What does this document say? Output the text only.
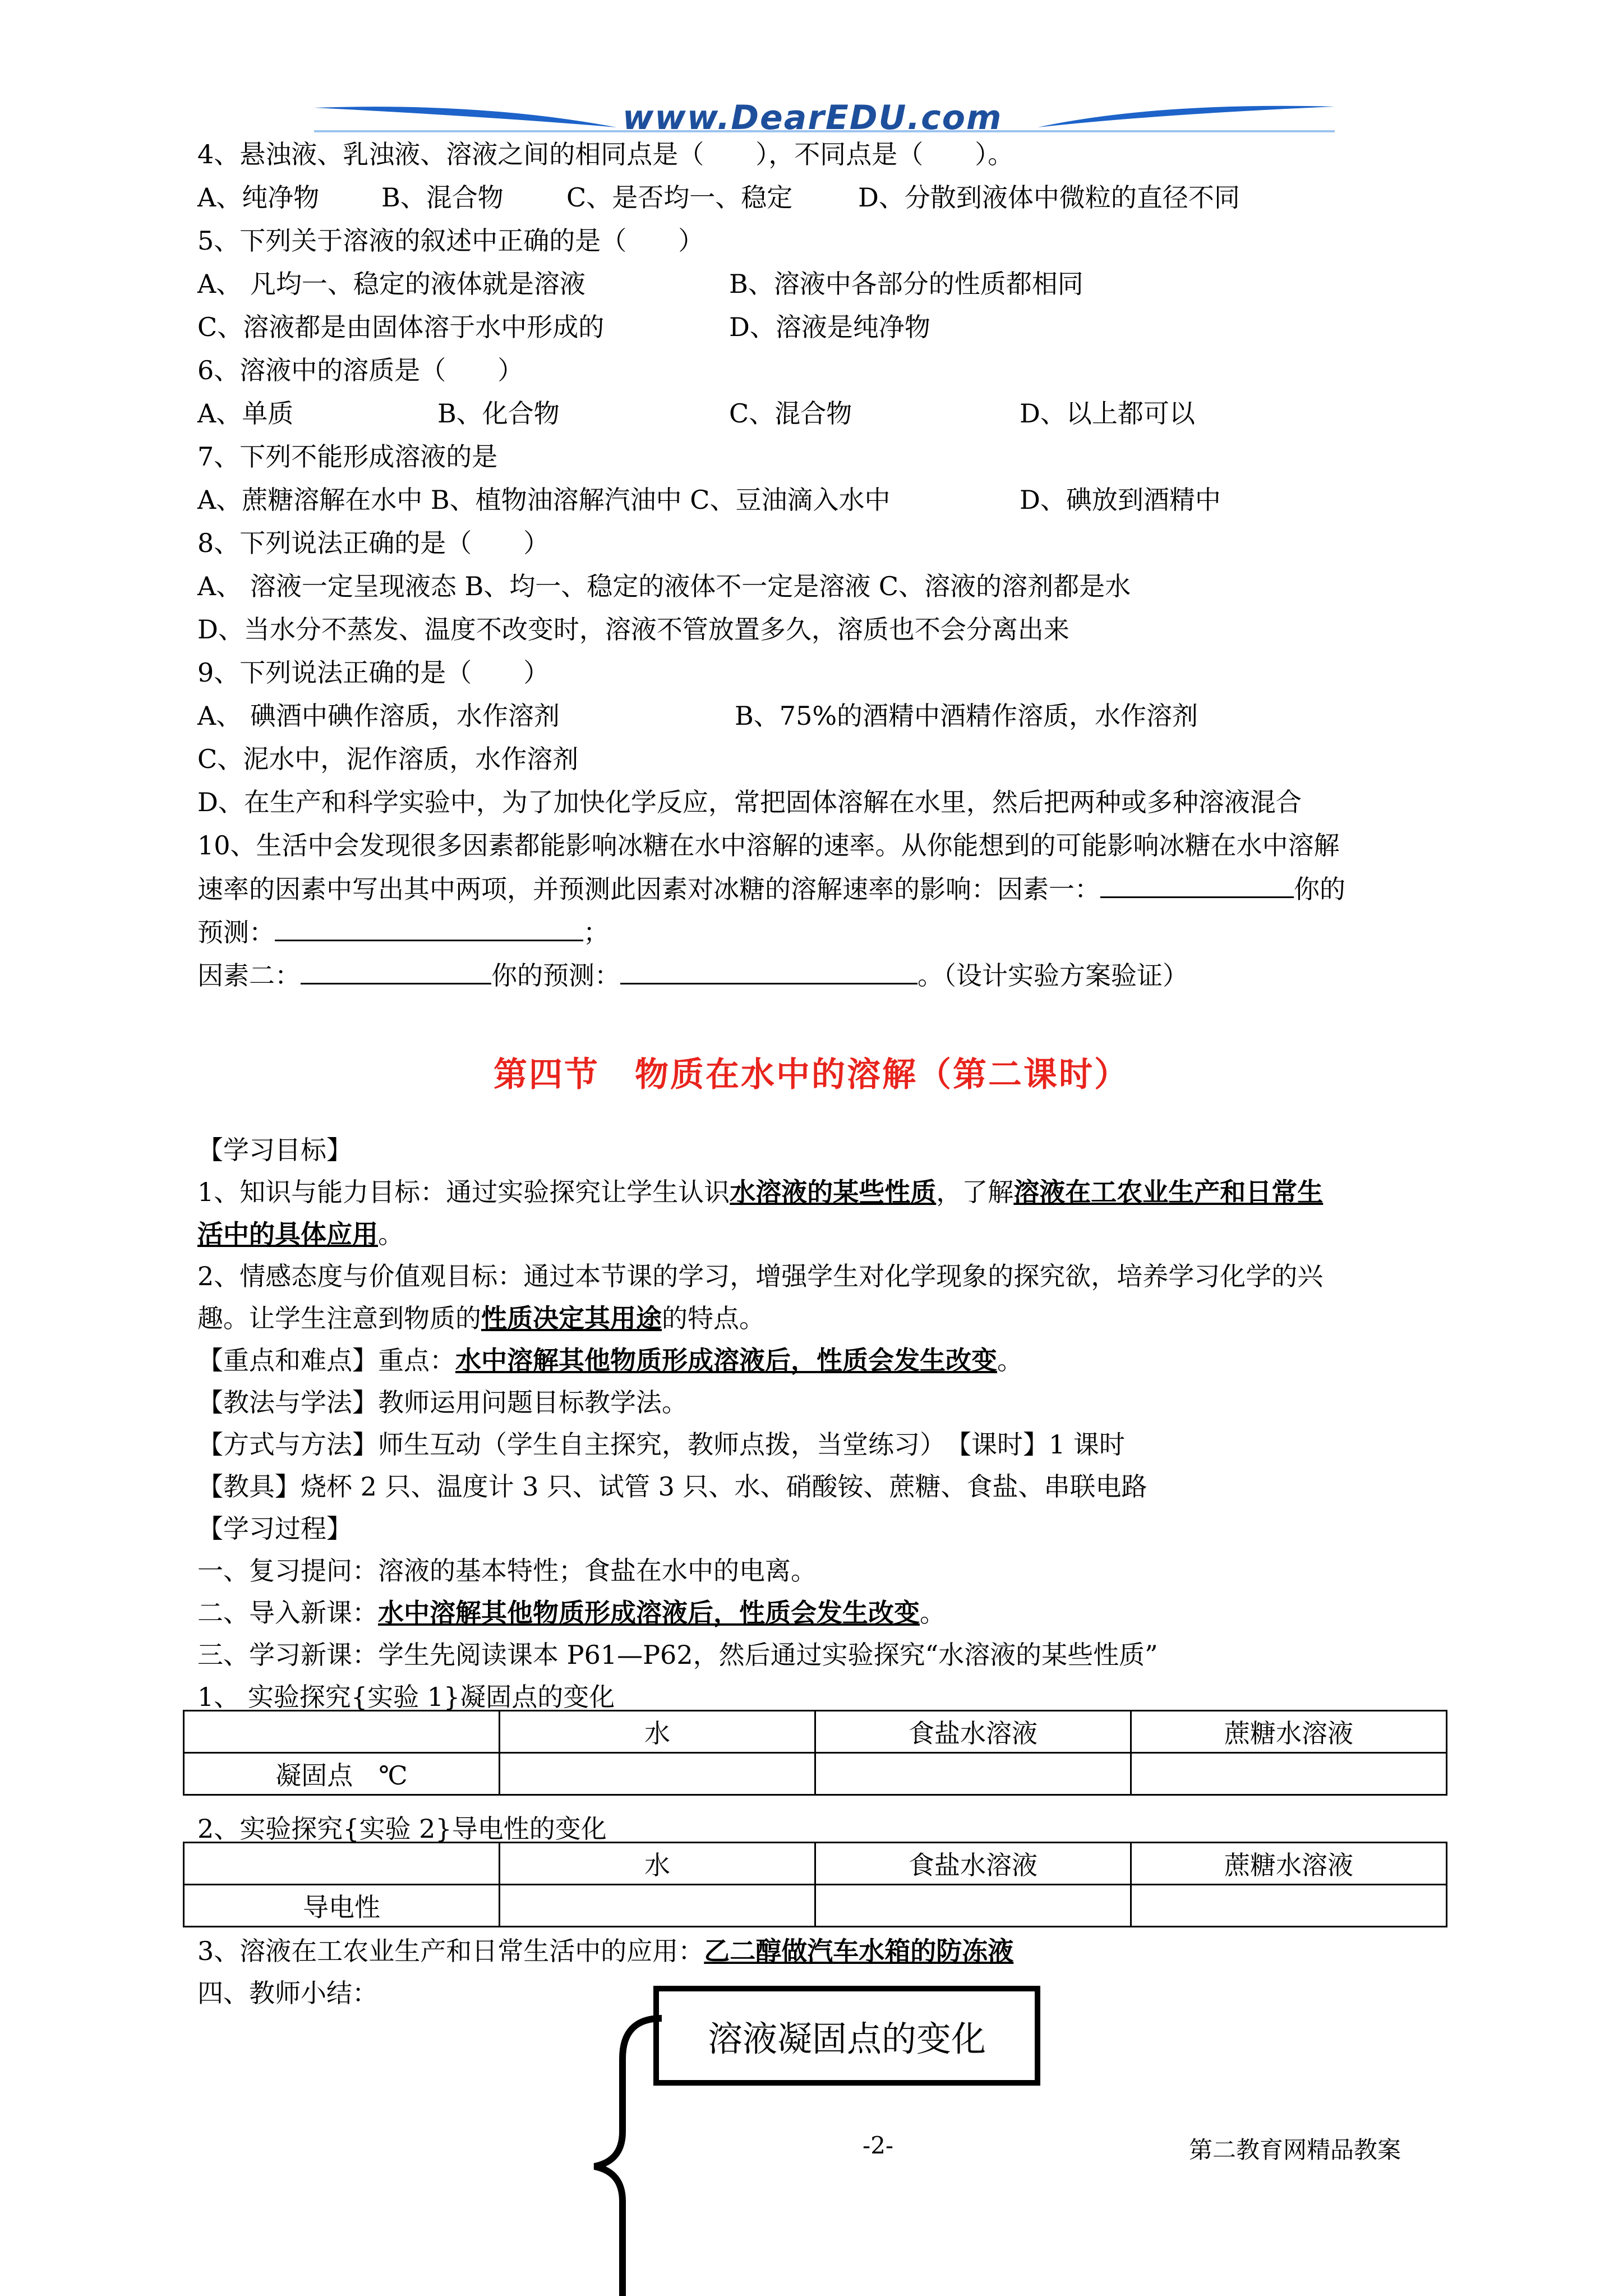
www.DearEDU.com
4、悬浊液、乳浊液、溶液之间的相同点是（　　），不同点是（　　）。
A、纯净物 B、混合物 C、是否均一、稳定	D、分散到液体中微粒的直径不同
5、下列关于溶液的叙述中正确的是（　　）
A、 凡均一、稳定的液体就是溶液	B、溶液中各部分的性质都相同
C、溶液都是由固体溶于水中形成的	D、溶液是纯净物
6、溶液中的溶质是（　　）
A、单质	B、化合物	C、混合物	D、以上都可以
7、下列不能形成溶液的是
A、蔗糖溶解在水中 B、植物油溶解汽油中 C、豆油滴入水中	D、碘放到酒精中
8、下列说法正确的是（　　）
A、 溶液一定呈现液态 B、均一、稳定的液体不一定是溶液 C、溶液的溶剂都是水
D、当水分不蒸发、温度不改变时，溶液不管放置多久，溶质也不会分离出来
9、下列说法正确的是（　　）
A、 碘酒中碘作溶质，水作溶剂	B、75%的酒精中酒精作溶质，水作溶剂
C、泥水中，泥作溶质，水作溶剂
D、在生产和科学实验中，为了加快化学反应，常把固体溶解在水里，然后把两种或多种溶液混合
10、生活中会发现很多因素都能影响冰糖在水中溶解的速率。从你能想到的可能影响冰糖在水中溶解
速率的因素中写出其中两项，并预测此因素对冰糖的溶解速率的影响：因素一：	你的
预测：	；
因素二：	你的预测：	。（设计实验方案验证）
第四节　物质在水中的溶解（第二课时）
【学习目标】
1、知识与能力目标：通过实验探究让学生认识水溶液的某些性质，了解溶液在工农业生产和日常生
活中的具体应用。
2、情感态度与价值观目标：通过本节课的学习，增强学生对化学现象的探究欲，培养学习化学的兴
趣。让学生注意到物质的性质决定其用途的特点。
【重点和难点】重点：水中溶解其他物质形成溶液后，性质会发生改变。
【教法与学法】教师运用问题目标教学法。
【方式与方法】师生互动（学生自主探究，教师点拨，当堂练习）　【课时】1 课时
【教具】烧杯 2 只、温度计 3 只、试管 3 只、水、硝酸铵、蔗糖、食盐、串联电路
【学习过程】
一、复习提问：溶液的基本特性；食盐在水中的电离。
二、导入新课：水中溶解其他物质形成溶液后，性质会发生改变。
三、学习新课：学生先阅读课本 P61—P62，然后通过实验探究“水溶液的某些性质”
1、 实验探究{实验 1}凝固点的变化
	水	食盐水溶液	蔗糖水溶液
凝固点　℃			
2、实验探究{实验 2}导电性的变化
	水	食盐水溶液	蔗糖水溶液
导电性			
3、溶液在工农业生产和日常生活中的应用：乙二醇做汽车水箱的防冻液
四、教师小结：
溶液凝固点的变化
-2-	第二教育网精品教案
